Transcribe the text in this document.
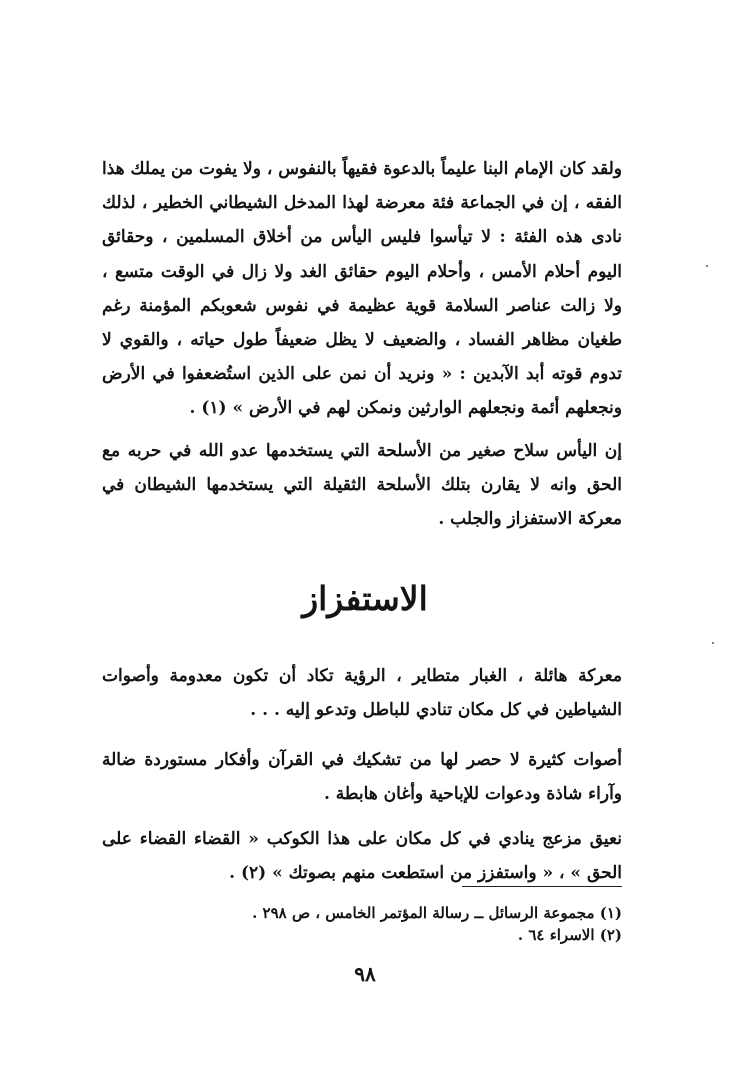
ولقد كان الإمام البنا عليماً بالدعوة فقيهاً بالنفوس ، ولا يفوت من يملك هذا الفقه ، إن في الجماعة فئة معرضة لهذا المدخل الشيطاني الخطير ، لذلك نادى هذه الفئة : لا تيأسوا فليس اليأس من أخلاق المسلمين ، وحقائق اليوم أحلام الأمس ، وأحلام اليوم حقائق الغد ولا زال في الوقت متسع ، ولا زالت عناصر السلامة قوية عظيمة في نفوس شعوبكم المؤمنة رغم طغيان مظاهر الفساد ، والضعيف لا يظل ضعيفاً طول حياته ، والقوي لا تدوم قوته أبد الآبدين : « ونريد أن نمن على الذين استُضعفوا في الأرض ونجعلهم أئمة ونجعلهم الوارثين ونمكن لهم في الأرض » (١) .

إن اليأس سلاح صغير من الأسلحة التي يستخدمها عدو الله في حربه مع الحق وانه لا يقارن بتلك الأسلحة الثقيلة التي يستخدمها الشيطان في معركة الاستفزاز والجلب .

الاستفزاز

معركة هائلة ، الغبار متطاير ، الرؤية تكاد أن تكون معدومة وأصوات الشياطين في كل مكان تنادي للباطل وتدعو إليه . . .

أصوات كثيرة لا حصر لها من تشكيك في القرآن وأفكار مستوردة ضالة وآراء شاذة ودعوات للإباحية وأغان هابطة .

نعيق مزعج ينادي في كل مكان على هذا الكوكب « القضاء القضاء على الحق » ، « واستفزز من استطعت منهم بصوتك » (٢) .

(١) مجموعة الرسائل ــ رسالة المؤتمر الخامس ، ص ٢٩٨ .
(٢) الاسراء ٦٤ .
٩٨
